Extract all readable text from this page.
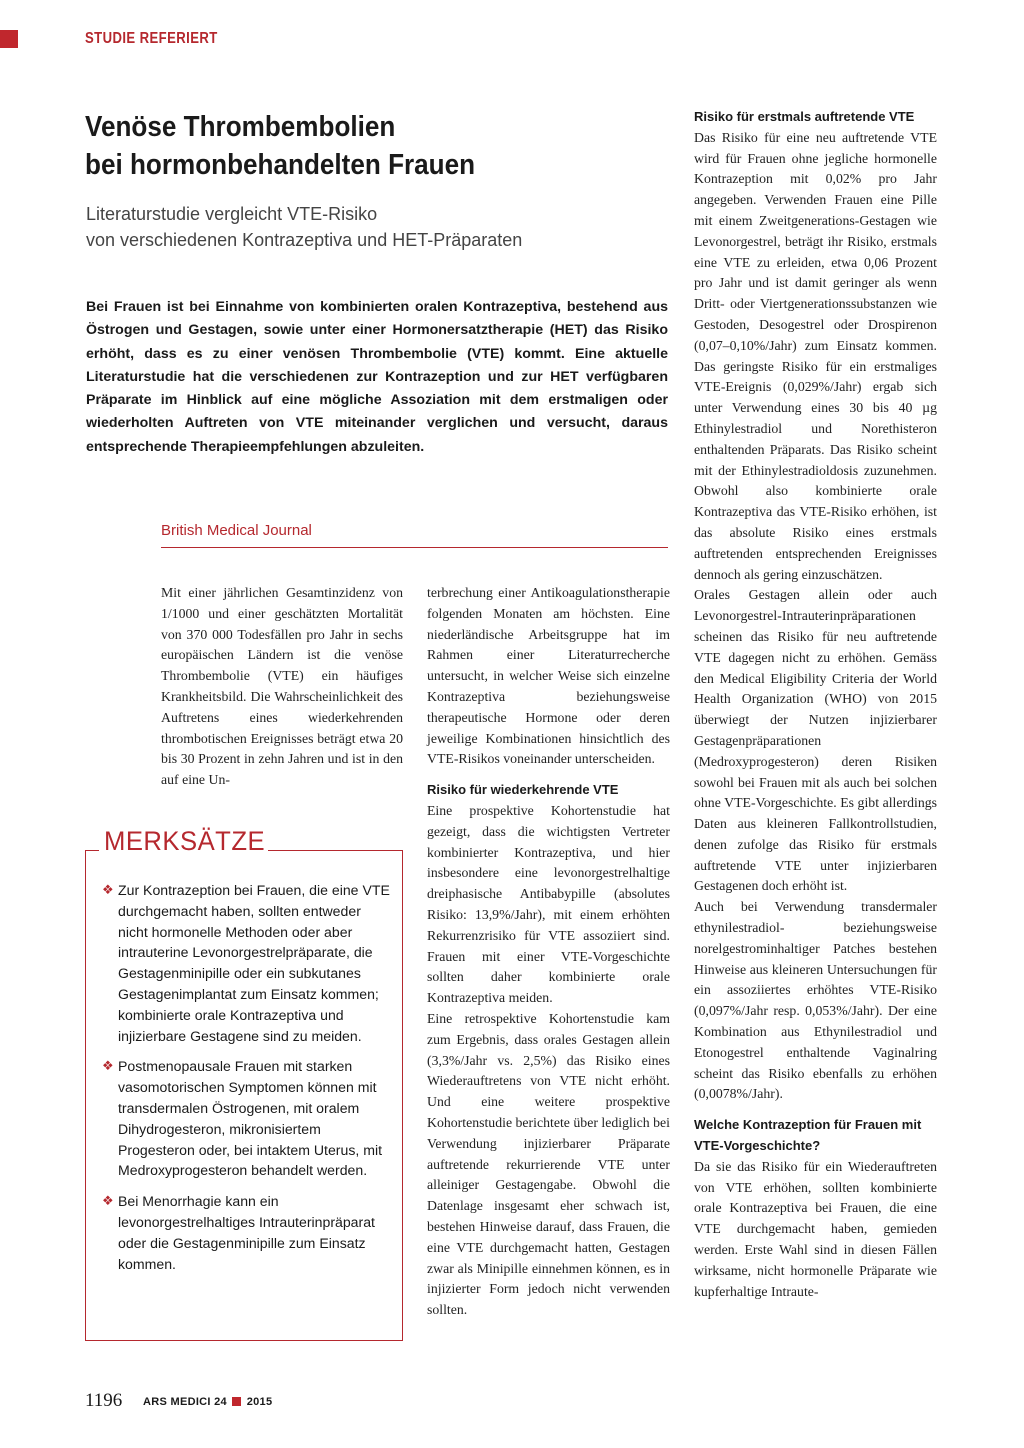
STUDIE REFERIERT
Venöse Thrombembolien
bei hormonbehandelten Frauen
Literaturstudie vergleicht VTE-Risiko
von verschiedenen Kontrazeptiva und HET-Präparaten

Bei Frauen ist bei Einnahme von kombinierten oralen Kontrazeptiva, bestehend aus Östrogen und Gestagen, sowie unter einer Hormonersatztherapie (HET) das Risiko erhöht, dass es zu einer venösen Thrombembolie (VTE) kommt. Eine aktuelle Literaturstudie hat die verschiedenen zur Kontrazeption und zur HET verfügbaren Präparate im Hinblick auf eine mögliche Assoziation mit dem erstmaligen oder wiederholten Auftreten von VTE miteinander verglichen und versucht, daraus entsprechende Therapieempfehlungen abzuleiten.

British Medical Journal

Mit einer jährlichen Gesamtinzidenz von 1/1000 und einer geschätzten Mortalität von 370 000 Todesfällen pro Jahr in sechs europäischen Ländern ist die venöse Thrombembolie (VTE) ein häufiges Krankheitsbild. Die Wahrscheinlichkeit des Auftretens eines wiederkehrenden thrombotischen Ereignisses beträgt etwa 20 bis 30 Prozent in zehn Jahren und ist in den auf eine Un-

terbrechung einer Antikoagulationstherapie folgenden Monaten am höchsten. Eine niederländische Arbeitsgruppe hat im Rahmen einer Literaturrecherche untersucht, in welcher Weise sich einzelne Kontrazeptiva beziehungsweise therapeutische Hormone oder deren jeweilige Kombinationen hinsichtlich des VTE-Risikos voneinander unterscheiden.

Risiko für wiederkehrende VTE

Eine prospektive Kohortenstudie hat gezeigt, dass die wichtigsten Vertreter kombinierter Kontrazeptiva, und hier insbesondere eine levonorgestrelhaltige dreiphasische Antibabypille (absolutes Risiko: 13,9%/Jahr), mit einem erhöhten Rekurrenzrisiko für VTE assoziiert sind. Frauen mit einer VTE-Vorgeschichte sollten daher kombinierte orale Kontrazeptiva meiden.

Eine retrospektive Kohortenstudie kam zum Ergebnis, dass orales Gestagen allein (3,3%/Jahr vs. 2,5%) das Risiko eines Wiederauftretens von VTE nicht erhöht. Und eine weitere prospektive Kohortenstudie berichtete über lediglich bei Verwendung injizierbarer Präparate auftretende rekurrierende VTE unter alleiniger Gestagengabe. Obwohl die Datenlage insgesamt eher schwach ist, bestehen Hinweise darauf, dass Frauen, die eine VTE durchgemacht hatten, Gestagen zwar als Minipille einnehmen können, es in injizierter Form jedoch nicht verwenden sollten.

Risiko für erstmals auftretende VTE

Das Risiko für eine neu auftretende VTE wird für Frauen ohne jegliche hormonelle Kontrazeption mit 0,02% pro Jahr angegeben. Verwenden Frauen eine Pille mit einem Zweitgenerations-Gestagen wie Levonorgestrel, beträgt ihr Risiko, erstmals eine VTE zu erleiden, etwa 0,06 Prozent pro Jahr und ist damit geringer als wenn Dritt- oder Viertgenerationssubstanzen wie Gestoden, Desogestrel oder Drospirenon (0,07–0,10%/Jahr) zum Einsatz kommen. Das geringste Risiko für ein erstmaliges VTE-Ereignis (0,029%/Jahr) ergab sich unter Verwendung eines 30 bis 40 µg Ethinylestradiol und Norethisteron enthaltenden Präparats. Das Risiko scheint mit der Ethinylestradioldosis zuzunehmen. Obwohl also kombinierte orale Kontrazeptiva das VTE-Risiko erhöhen, ist das absolute Risiko eines erstmals auftretenden entsprechenden Ereignisses dennoch als gering einzuschätzen.

Orales Gestagen allein oder auch Levonorgestrel-Intrauterinpräparationen scheinen das Risiko für neu auftretende VTE dagegen nicht zu erhöhen. Gemäss den Medical Eligibility Criteria der World Health Organization (WHO) von 2015 überwiegt der Nutzen injizierbarer Gestagenpräparationen (Medroxyprogesteron) deren Risiken sowohl bei Frauen mit als auch bei solchen ohne VTE-Vorgeschichte. Es gibt allerdings Daten aus kleineren Fallkontrollstudien, denen zufolge das Risiko für erstmals auftretende VTE unter injizierbaren Gestagenen doch erhöht ist.

Auch bei Verwendung transdermaler ethynilestradiol- beziehungsweise norelgestrominhaltiger Patches bestehen Hinweise aus kleineren Untersuchungen für ein assoziiertes erhöhtes VTE-Risiko (0,097%/Jahr resp. 0,053%/Jahr). Der eine Kombination aus Ethynilestradiol und Etonogestrel enthaltende Vaginalring scheint das Risiko ebenfalls zu erhöhen (0,0078%/Jahr).

Welche Kontrazeption für Frauen mit VTE-Vorgeschichte?

Da sie das Risiko für ein Wiederauftreten von VTE erhöhen, sollten kombinierte orale Kontrazeptiva bei Frauen, die eine VTE durchgemacht haben, gemieden werden. Erste Wahl sind in diesen Fällen wirksame, nicht hormonelle Präparate wie kupferhaltige Intraute-

MERKSÄTZE
❖ Zur Kontrazeption bei Frauen, die eine VTE durchgemacht haben, sollten entweder nicht hormonelle Methoden oder aber intrauterine Levonorgestrelpräparate, die Gestagenminipille oder ein subkutanes Gestagenimplantat zum Einsatz kommen; kombinierte orale Kontrazeptiva und injizierbare Gestagene sind zu meiden.
❖ Postmenopausale Frauen mit starken vasomotorischen Symptomen können mit transdermalen Östrogenen, mit oralem Dihydrogesteron, mikronisiertem Progesteron oder, bei intaktem Uterus, mit Medroxyprogesteron behandelt werden.
❖ Bei Menorrhagie kann ein levonorgestrelhaltiges Intrauterinpräparat oder die Gestagenminipille zum Einsatz kommen.
1196 ARS MEDICI 24 2015
